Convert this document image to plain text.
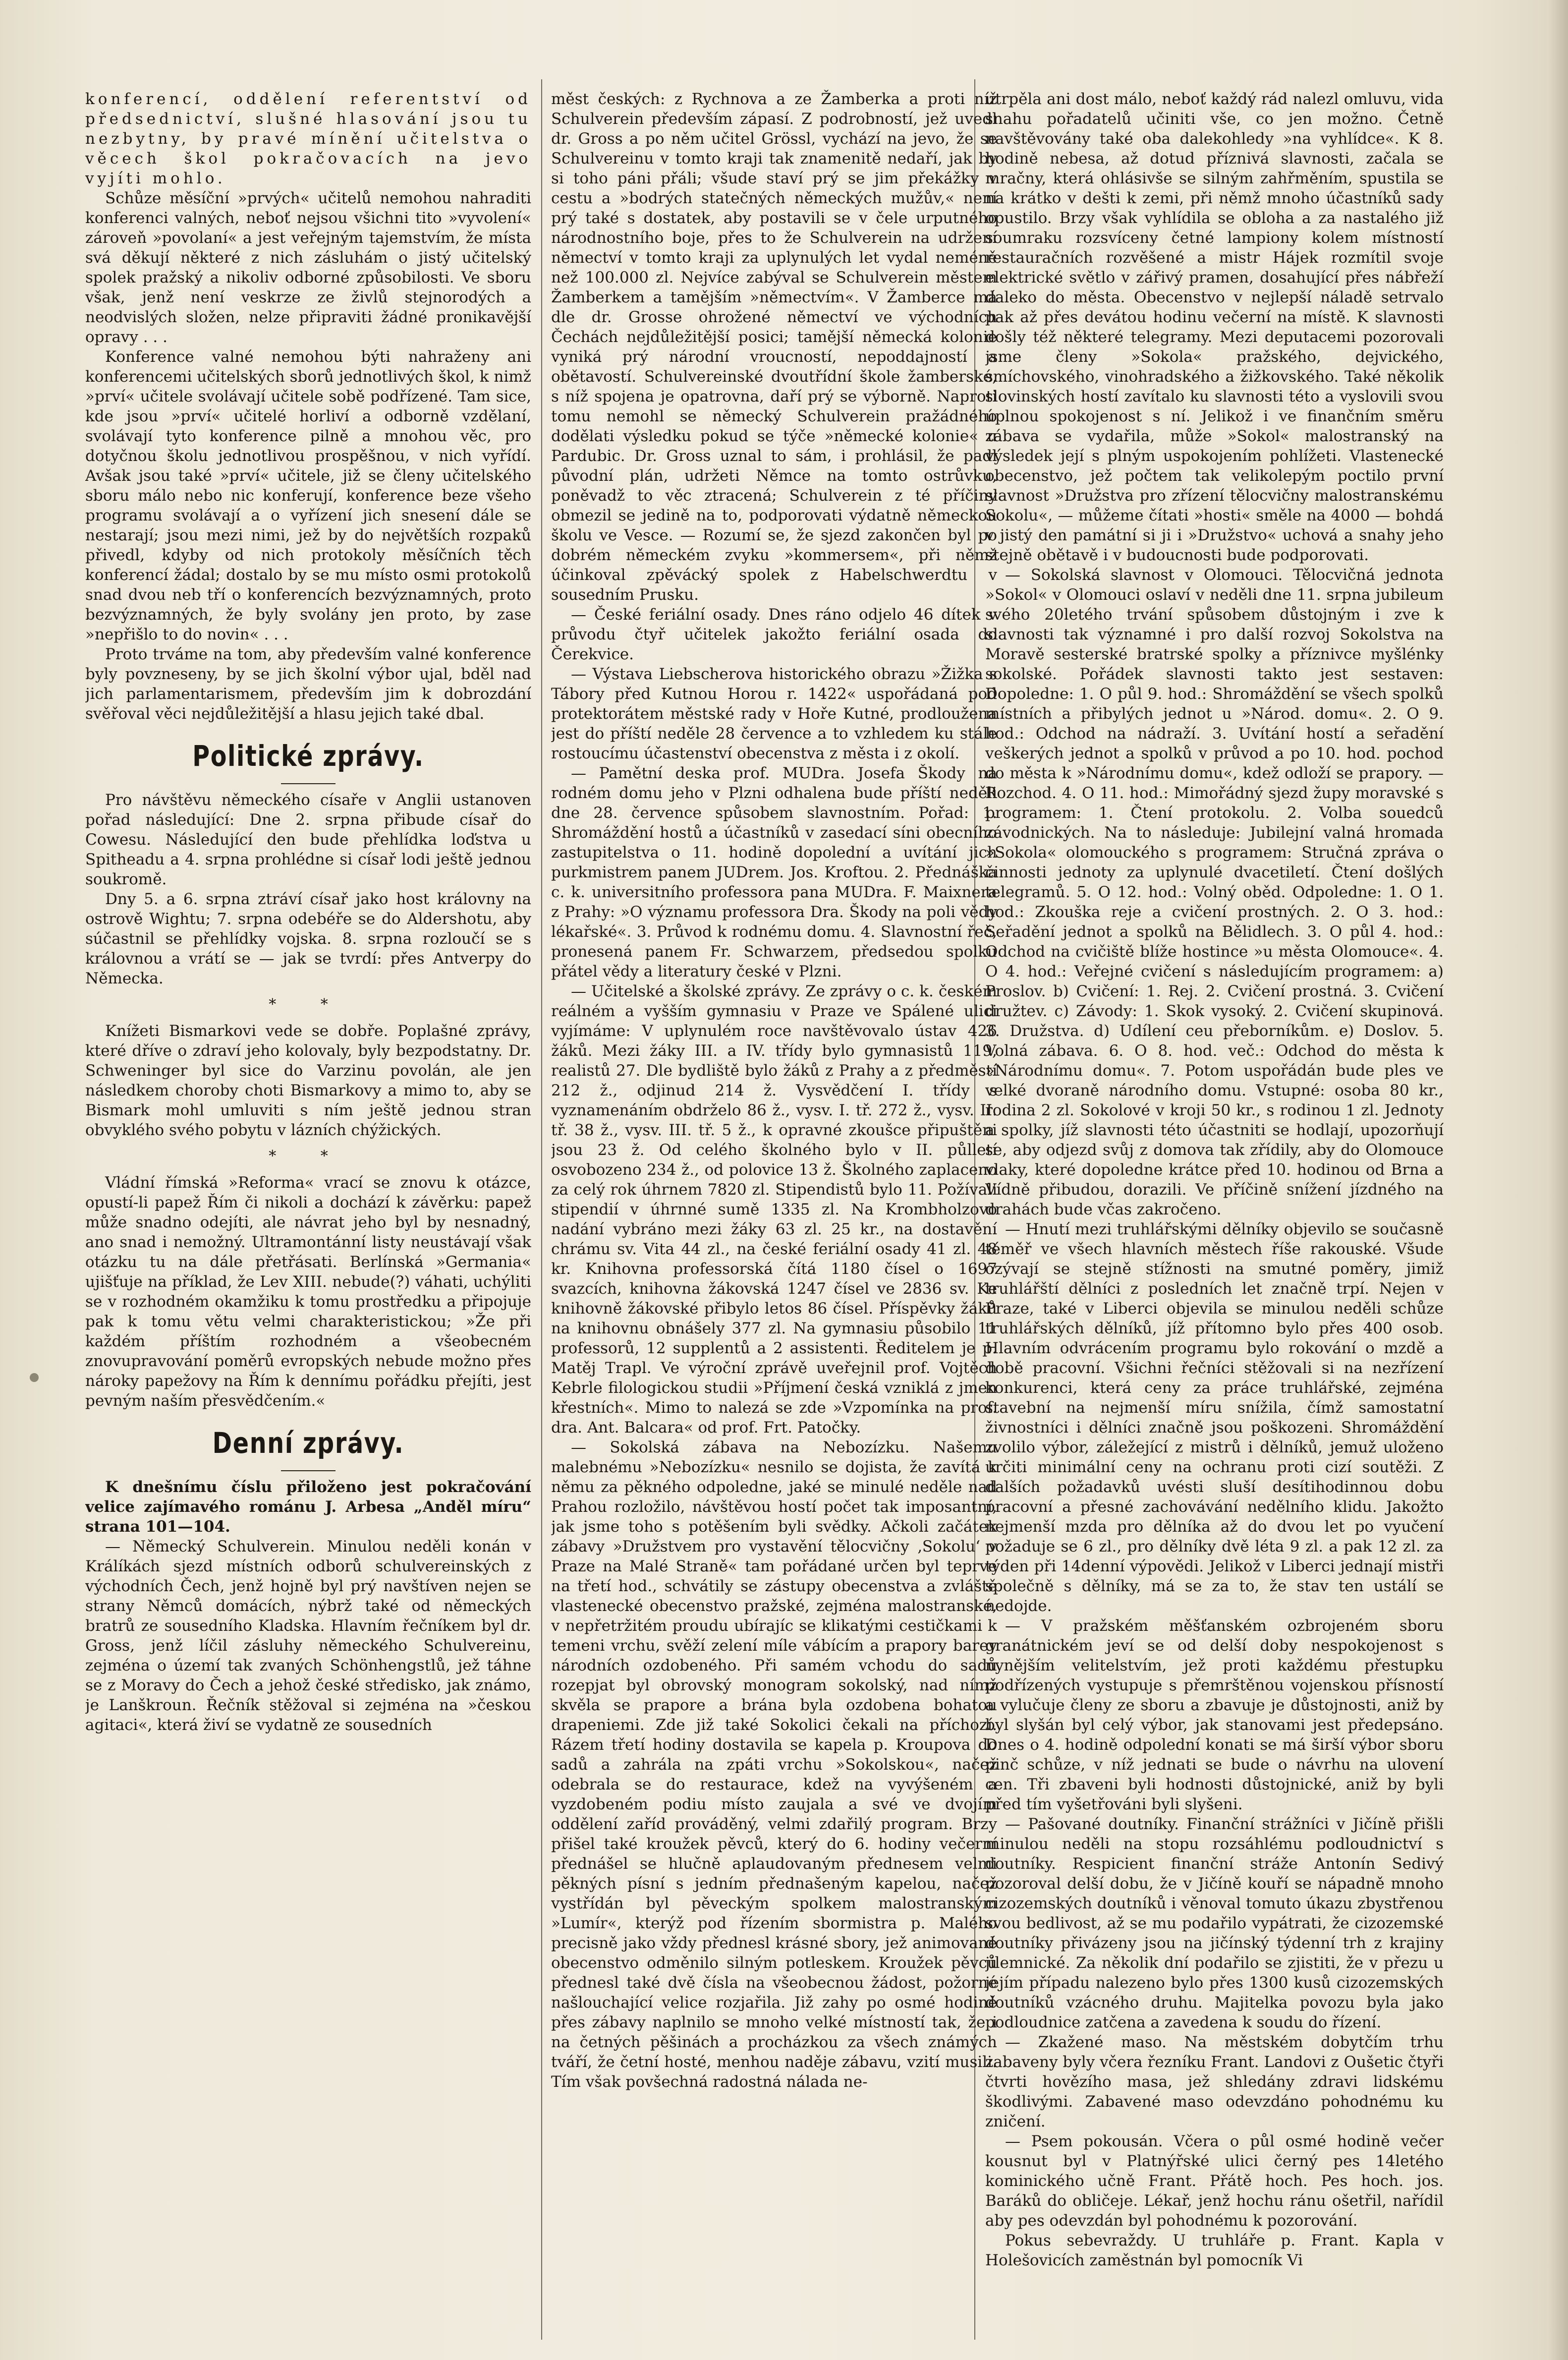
konferencí, oddělení referentství od předsednictví, slušné hlasování jsou tu nezbytny, by pravé mínění učitelstva o věcech škol pokračovacích na jevo vyjíti mohlo.

Schůze měsíční »prvých« učitelů nemohou nahraditi konferenci valných, neboť nejsou všichni tito »vyvolení« zároveň »povolaní« a jest veřejným tajemstvím, že místa svá děkují některé z nich zásluhám o jistý učitelský spolek pražský a nikoliv odborné způsobilosti. Ve sboru však, jenž není veskrze ze živlů stejnorodých a neodvislých složen, nelze připraviti žádné pronikavější opravy . . .

Konference valné nemohou býti nahraženy ani konferencemi učitelských sborů jednotlivých škol, k nimž »prví« učitele svolávají učitele sobě podřízené. Tam sice, kde jsou »prví« učitelé horliví a odborně vzdělaní, svolávají tyto konference pilně a mnohou věc, pro dotyčnou školu jednotlivou prospěšnou, v nich vyřídí. Avšak jsou také »prví« učitele, již se členy učitelského sboru málo nebo nic konferují, konference beze všeho programu svolávají a o vyřízení jich snesení dále se nestarají; jsou mezi nimi, jež by do největších rozpaků přivedl, kdyby od nich protokoly měsíčních těch konferencí žádal; dostalo by se mu místo osmi protokolů snad dvou neb tří o konferencích bezvýznamných, proto bezvýznamných, že byly svolány jen proto, by zase »nepřišlo to do novin« . . .

Proto trváme na tom, aby především valné konference byly povzneseny, by se jich školní výbor ujal, bděl nad jich parlamentarismem, především jim k dobrozdání svěřoval věci nejdůležitější a hlasu jejich také dbal.

Politické zprávy.

Pro návštěvu německého císaře v Anglii ustanoven pořad následující: Dne 2. srpna přibude císař do Cowesu. Následující den bude přehlídka loďstva u Spitheadu a 4. srpna prohlédne si císař lodi ještě jednou soukromě.

Dny 5. a 6. srpna ztráví císař jako host královny na ostrově Wightu; 7. srpna odebéře se do Aldershotu, aby súčastnil se přehlídky vojska. 8. srpna rozloučí se s královnou a vrátí se — jak se tvrdí: přes Antverpy do Německa.

* *

Knížeti Bismarkovi vede se dobře. Poplašné zprávy, které dříve o zdraví jeho kolovaly, byly bezpodstatny. Dr. Schweninger byl sice do Varzinu povolán, ale jen následkem choroby choti Bismarkovy a mimo to, aby se Bismark mohl umluviti s ním ještě jednou stran obvyklého svého pobytu v lázních chýžických.

* *

Vládní římská »Reforma« vrací se znovu k otázce, opustí-li papež Řím či nikoli a dochází k závěrku: papež může snadno odejíti, ale návrat jeho byl by nesnadný, ano snad i nemožný. Ultramontánní listy neustávají však otázku tu na dále přetřásati. Berlínská »Germania« ujišťuje na příklad, že Lev XIII. nebude(?) váhati, uchýliti se v rozhodném okamžiku k tomu prostředku a připojuje pak k tomu větu velmi charakteristickou; »Že při každém příštím rozhodném a všeobecném znovupravování poměrů evropských nebude možno přes nároky papežovy na Řím k dennímu pořádku přejíti, jest pevným naším přesvědčením.«

Denní zprávy.

K dnešnímu číslu přiloženo jest pokračování velice zajímavého románu J. Arbesa „Anděl míru“ strana 101—104.

— Německý Schulverein. Minulou neděli konán v Králíkách sjezd místních odborů schulvereinských z východních Čech, jenž hojně byl prý navštíven nejen se strany Němců domácích, nýbrž také od německých bratrů ze sousedního Kladska. Hlavním řečníkem byl dr. Gross, jenž líčil zásluhy německého Schulvereinu, zejména o území tak zvaných Schönhengstlů, jež táhne se z Moravy do Čech a jehož české středisko, jak známo, je Lanškroun. Řečník stěžoval si zejména na »českou agitaci«, která živí se vydatně ze sousedních

měst českých: z Rychnova a ze Žamberka a proti níž Schulverein především zápasí. Z podrobností, jež uvedl dr. Gross a po něm učitel Grössl, vychází na jevo, že se Schulvereinu v tomto kraji tak znamenitě nedaří, jak by si toho páni přáli; všude staví prý se jim překážky v cestu a »bodrých statečných německých mužův,« není prý také s dostatek, aby postavili se v čele urputného národnostního boje, přes to že Schulverein na udržení němectví v tomto kraji za uplynulých let vydal neméně než 100.000 zl. Nejvíce zabýval se Schulverein městem Žamberkem a tamějším »němectvím«. V Žamberce má dle dr. Grosse ohrožené němectví ve východních Čechách nejdůležitější posici; tamější německá kolonie vyniká prý národní vroucností, nepoddajností a obětavostí. Schulvereinské dvoutřídní škole žamberské, s níž spojena je opatrovna, daří prý se výborně. Naproti tomu nemohl se německý Schulverein pražádného dodělati výsledku pokud se týče »německé kolonie« u Pardubic. Dr. Gross uznal to sám, i prohlásil, že padl původní plán, udržeti Němce na tomto ostrůvku, poněvadž to věc ztracená; Schulverein z té příčiny obmezil se jedině na to, podporovati výdatně německou školu ve Vesce. — Rozumí se, že sjezd zakončen byl po dobrém německém zvyku »kommersem«, při němž účinkoval zpěvácký spolek z Habelschwerdtu v sousedním Prusku.

— České feriální osady. Dnes ráno odjelo 46 dítek v průvodu čtyř učitelek jakožto feriální osada do Čerekvice.

— Výstava Liebscherova historického obrazu »Žižka s Tábory před Kutnou Horou r. 1422« uspořádaná pod protektorátem městské rady v Hoře Kutné, prodloužena jest do příští neděle 28 července a to vzhledem ku stále rostoucímu účastenství obecenstva z města i z okolí.

— Pamětní deska prof. MUDra. Josefa Škody na rodném domu jeho v Plzni odhalena bude příští neděli dne 28. července spůsobem slavnostním. Pořad: 1. Shromáždění hostů a účastníků v zasedací síni obecního zastupitelstva o 11. hodině dopolední a uvítání jich purkmistrem panem JUDrem. Jos. Kroftou. 2. Přednáška c. k. universitního professora pana MUDra. F. Maixnera z Prahy: »O významu professora Dra. Škody na poli vědy lékařské«. 3. Průvod k rodnému domu. 4. Slavnostní řeč, pronesená panem Fr. Schwarzem, předsedou spolku přátel vědy a literatury české v Plzni.

— Učitelské a školské zprávy. Ze zprávy o c. k. českém reálném a vyšším gymnasiu v Praze ve Spálené ulici vyjímáme: V uplynulém roce navštěvovalo ústav 426 žáků. Mezi žáky III. a IV. třídy bylo gymnasistů 119, realistů 27. Dle bydliště bylo žáků z Prahy a z předměstí 212 ž., odjinud 214 ž. Vysvědčení I. třídy s vyznamenáním obdrželo 86 ž., vysv. I. tř. 272 ž., vysv. II. tř. 38 ž., vysv. III. tř. 5 ž., k opravné zkoušce připuštěni jsou 23 ž. Od celého školného bylo v II. půlletí osvobozeno 234 ž., od polovice 13 ž. Školného zaplaceno za celý rok úhrnem 7820 zl. Stipendistů bylo 11. Požívali stipendií v úhrnné sumě 1335 zl. Na Krombholzovo nadání vybráno mezi žáky 63 zl. 25 kr., na dostavění chrámu sv. Vita 44 zl., na české feriální osady 41 zl. 48 kr. Knihovna professorská čítá 1180 čísel o 1697 svazcích, knihovna žákovská 1247 čísel ve 2836 sv. Ke knihovně žákovské přibylo letos 86 čísel. Příspěvky žáků na knihovnu obnášely 377 zl. Na gymnasiu působilo 11 professorů, 12 supplentů a 2 assistenti. Ředitelem je p. Matěj Trapl. Ve výroční zprávě uveřejnil prof. Vojtěch Kebrle filologickou studii »Příjmení česká vzniklá z jmen křestních«. Mimo to nalezá se zde »Vzpomínka na prof. dra. Ant. Balcara« od prof. Frt. Patočky.

— Sokolská zábava na Nebozízku. Našemu malebnému »Nebozízku« nesnilo se dojista, že zavítá k němu za pěkného odpoledne, jaké se minulé neděle nad Prahou rozložilo, návštěvou hostí počet tak imposantní, jak jsme toho s potěšením byli svědky. Ačkoli začátek zábavy »Družstvem pro vystavění tělocvičny ‚Sokolu‘ v Praze na Malé Straně« tam pořádané určen byl teprve na třetí hod., schvátily se zástupy obecenstva a zvláště vlastenecké obecenstvo pražské, zejména malostranské, v nepřetržitém proudu ubírajíc se klikatými cestičkami k temeni vrchu, svěží zelení míle vábícím a prapory barev národních ozdobeného. Při samém vchodu do sadů rozepjat byl obrovský monogram sokolský, nad nímž skvěla se prapore a brána byla ozdobena bohatou drapeniemi. Zde již také Sokolici čekali na příchozí. Rázem třetí hodiny dostavila se kapela p. Kroupova do sadů a zahrála na zpáti vrchu »Sokolskou«, načež odebrala se do restaurace, kdež na vyvýšeném a vyzdobeném podiu místo zaujala a své ve dvojím oddělení zaříd prováděný, velmi zdařilý program. Brzy přišel také kroužek pěvců, který do 6. hodiny večerní přednášel se hlučně aplaudovaným přednesem velmi pěkných písní s jedním přednašeným kapelou, načež vystřídán byl pěveckým spolkem malostranským »Lumír«, kterýž pod řízením sbormistra p. Malého precisně jako vždy přednesl krásné sbory, jež animované obecenstvo odměnilo silným potleskem. Kroužek pěvců přednesl také dvě čísla na všeobecnou žádost, požorné našlouchající velice rozjařila. Již zahy po osmé hodině přes zábavy naplnilo se mnoho velké místností tak, že i na četných pěšinách a procházkou za všech známých tváří, že četní hosté, menhou naděje zábavu, vzití musili. Tím však povšechná radostná nálada ne-

utrpěla ani dost málo, neboť každý rád nalezl omluvu, vida snahu pořadatelů učiniti vše, co jen možno. Četně navštěvovány také oba dalekohledy »na vyhlídce«. K 8. hodině nebesa, až dotud příznivá slavnosti, začala se mračny, která ohlásivše se silným zahřměním, spustila se na krátko v dešti k zemi, při němž mnoho účastníků sady opustilo. Brzy však vyhlídila se obloha a za nastalého již soumraku rozsvíceny četné lampiony kolem místností restauračních rozvěšené a mistr Hájek rozmítil svoje elektrické světlo v zářivý pramen, dosahující přes nábřeží daleko do města. Obecenstvo v nejlepší náladě setrvalo pak až přes devátou hodinu večerní na místě. K slavnosti došly též některé telegramy. Mezi deputacemi pozorovali jsme členy »Sokola« pražského, dejvického, smíchovského, vinohradského a žižkovského. Také několik slovinských hostí zavítalo ku slavnosti této a vyslovili svou úplnou spokojenost s ní. Jelikož i ve finančním směru zábava se vydařila, může »Sokol« malostranský na výsledek její s plným uspokojením pohlížeti. Vlastenecké obecenstvo, jež počtem tak velikolepým poctilo první slavnost »Družstva pro zřízení tělocvičny malostranskému Sokolu«, — můžeme čítati »hosti« směle na 4000 — bohdá v jistý den památní si ji i »Družstvo« uchová a snahy jeho stejně obětavě i v budoucnosti bude podporovati.

— Sokolská slavnost v Olomouci. Tělocvičná jednota »Sokol« v Olomouci oslaví v neděli dne 11. srpna jubileum svého 20letého trvání spůsobem důstojným i zve k slavnosti tak významné i pro další rozvoj Sokolstva na Moravě sesterské bratrské spolky a příznivce myšlénky sokolské. Pořádek slavnosti takto jest sestaven: Dopoledne: 1. O půl 9. hod.: Shromáždění se všech spolků místních a přibylých jednot u »Národ. domu«. 2. O 9. hod.: Odchod na nádraží. 3. Uvítání hostí a seřadění veškerých jednot a spolků v průvod a po 10. hod. pochod do města k »Národnímu domu«, kdež odloží se prapory. — Rozchod. 4. O 11. hod.: Mimořádný sjezd župy moravské s programem: 1. Čtení protokolu. 2. Volba souedců závodnických. Na to následuje: Jubilejní valná hromada »Sokola« olomouckého s programem: Stručná zpráva o činnosti jednoty za uplynulé dvacetiletí. Čtení došlých telegramů. 5. O 12. hod.: Volný oběd. Odpoledne: 1. O 1. hod.: Zkouška reje a cvičení prostných. 2. O 3. hod.: Seřadění jednot a spolků na Bělidlech. 3. O půl 4. hod.: Odchod na cvičiště blíže hostince »u města Olomouce«. 4. O 4. hod.: Veřejné cvičení s následujícím programem: a) Proslov. b) Cvičení: 1. Rej. 2. Cvičení prostná. 3. Cvičení družtev. c) Závody: 1. Skok vysoký. 2. Cvičení skupinová. 3. Družstva. d) Udílení ceu přeborníkům. e) Doslov. 5. Volná zábava. 6. O 8. hod. več.: Odchod do města k »Národnímu domu«. 7. Potom uspořádán bude ples ve velké dvoraně národního domu. Vstupné: osoba 80 kr., rodina 2 zl. Sokolové v kroji 50 kr., s rodinou 1 zl. Jednoty a spolky, jíž slavnosti této účastniti se hodlají, upozorňují se, aby odjezd svůj z domova tak zřídily, aby do Olomouce vlaky, které dopoledne krátce před 10. hodinou od Brna a Vídně přibudou, dorazili. Ve příčině snížení jízdného na drahách bude včas zakročeno.

— Hnutí mezi truhlářskými dělníky objevilo se současně téměř ve všech hlavních městech říše rakouské. Všude ozývají se stejně stížnosti na smutné poměry, jimiž truhlářští dělníci z posledních let značně trpí. Nejen v Praze, také v Liberci objevila se minulou neděli schůze truhlářských dělníků, jíž přítomno bylo přes 400 osob. Hlavním odvrácením programu bylo rokování o mzdě a době pracovní. Všichni řečníci stěžovali si na nezřízení konkurenci, která ceny za práce truhlářské, zejména stavební na nejmenší míru snížila, čímž samostatní živnostníci i dělníci značně jsou poškozeni. Shromáždění zvolilo výbor, záležející z mistrů i dělníků, jemuž uloženo určiti minimální ceny na ochranu proti cizí soutěži. Z dalších požadavků uvésti sluší desítihodinnou dobu pracovní a přesné zachovávání nedělního klidu. Jakožto nejmenší mzda pro dělníka až do dvou let po vyučení požaduje se 6 zl., pro dělníky dvě léta 9 zl. a pak 12 zl. za týden při 14denní výpovědi. Jelikož v Liberci jednají mistři společně s dělníky, má se za to, že stav ten ustálí se nedojde.

— V pražském měšťanském ozbrojeném sboru granátnickém jeví se od delší doby nespokojenost s nynějším velitelstvím, jež proti každému přestupku podřízených vystupuje s přemrštěnou vojenskou přísností a vylučuje členy ze sboru a zbavuje je důstojnosti, aniž by byl slyšán byl celý výbor, jak stanovami jest předepsáno. Dnes o 4. hodině odpolední konati se má širší výbor sboru pinč schůze, v níž jednati se bude o návrhu na ulovení cen. Tři zbaveni byli hodnosti důstojnické, aniž by byli před tím vyšetřováni byli slyšeni.

— Pašované doutníky. Finanční strážníci v Jičíně přišli minulou neděli na stopu rozsáhlému podloudnictví s doutníky. Respicient finanční stráže Antonín Sedivý pozoroval delší dobu, že v Jičíně kouří se nápadně mnoho cizozemských doutníků i věnoval tomuto úkazu zbystřenou svou bedlivost, až se mu podařilo vypátrati, že cizozemské doutníky přivázeny jsou na jičínský týdenní trh z krajiny jilemnické. Za několik dní podařilo se zjistiti, že v přezu u jejím případu nalezeno bylo přes 1300 kusů cizozemských doutníků vzácného druhu. Majitelka povozu byla jako podloudnice zatčena a zavedena k soudu do řízení.

— Zkažené maso. Na městském dobytčím trhu zabaveny byly včera řezníku Frant. Landovi z Oušetic čtyři čtvrti hovězího masa, jež shledány zdravi lidskému škodlivými. Zabavené maso odevzdáno pohodnému ku zničení.

— Psem pokousán. Včera o půl osmé hodině večer kousnut byl v Platnýřské ulici černý pes 14letého kominického učně Frant. Přátě hoch. Pes hoch. jos. Baráků do obličeje. Lékař, jenž hochu ránu ošetřil, nařídil aby pes odevzdán byl pohodnému k pozorování.

Pokus sebevraždy. U truhláře p. Frant. Kapla v Holešovicích zaměstnán byl pomocník Vi
